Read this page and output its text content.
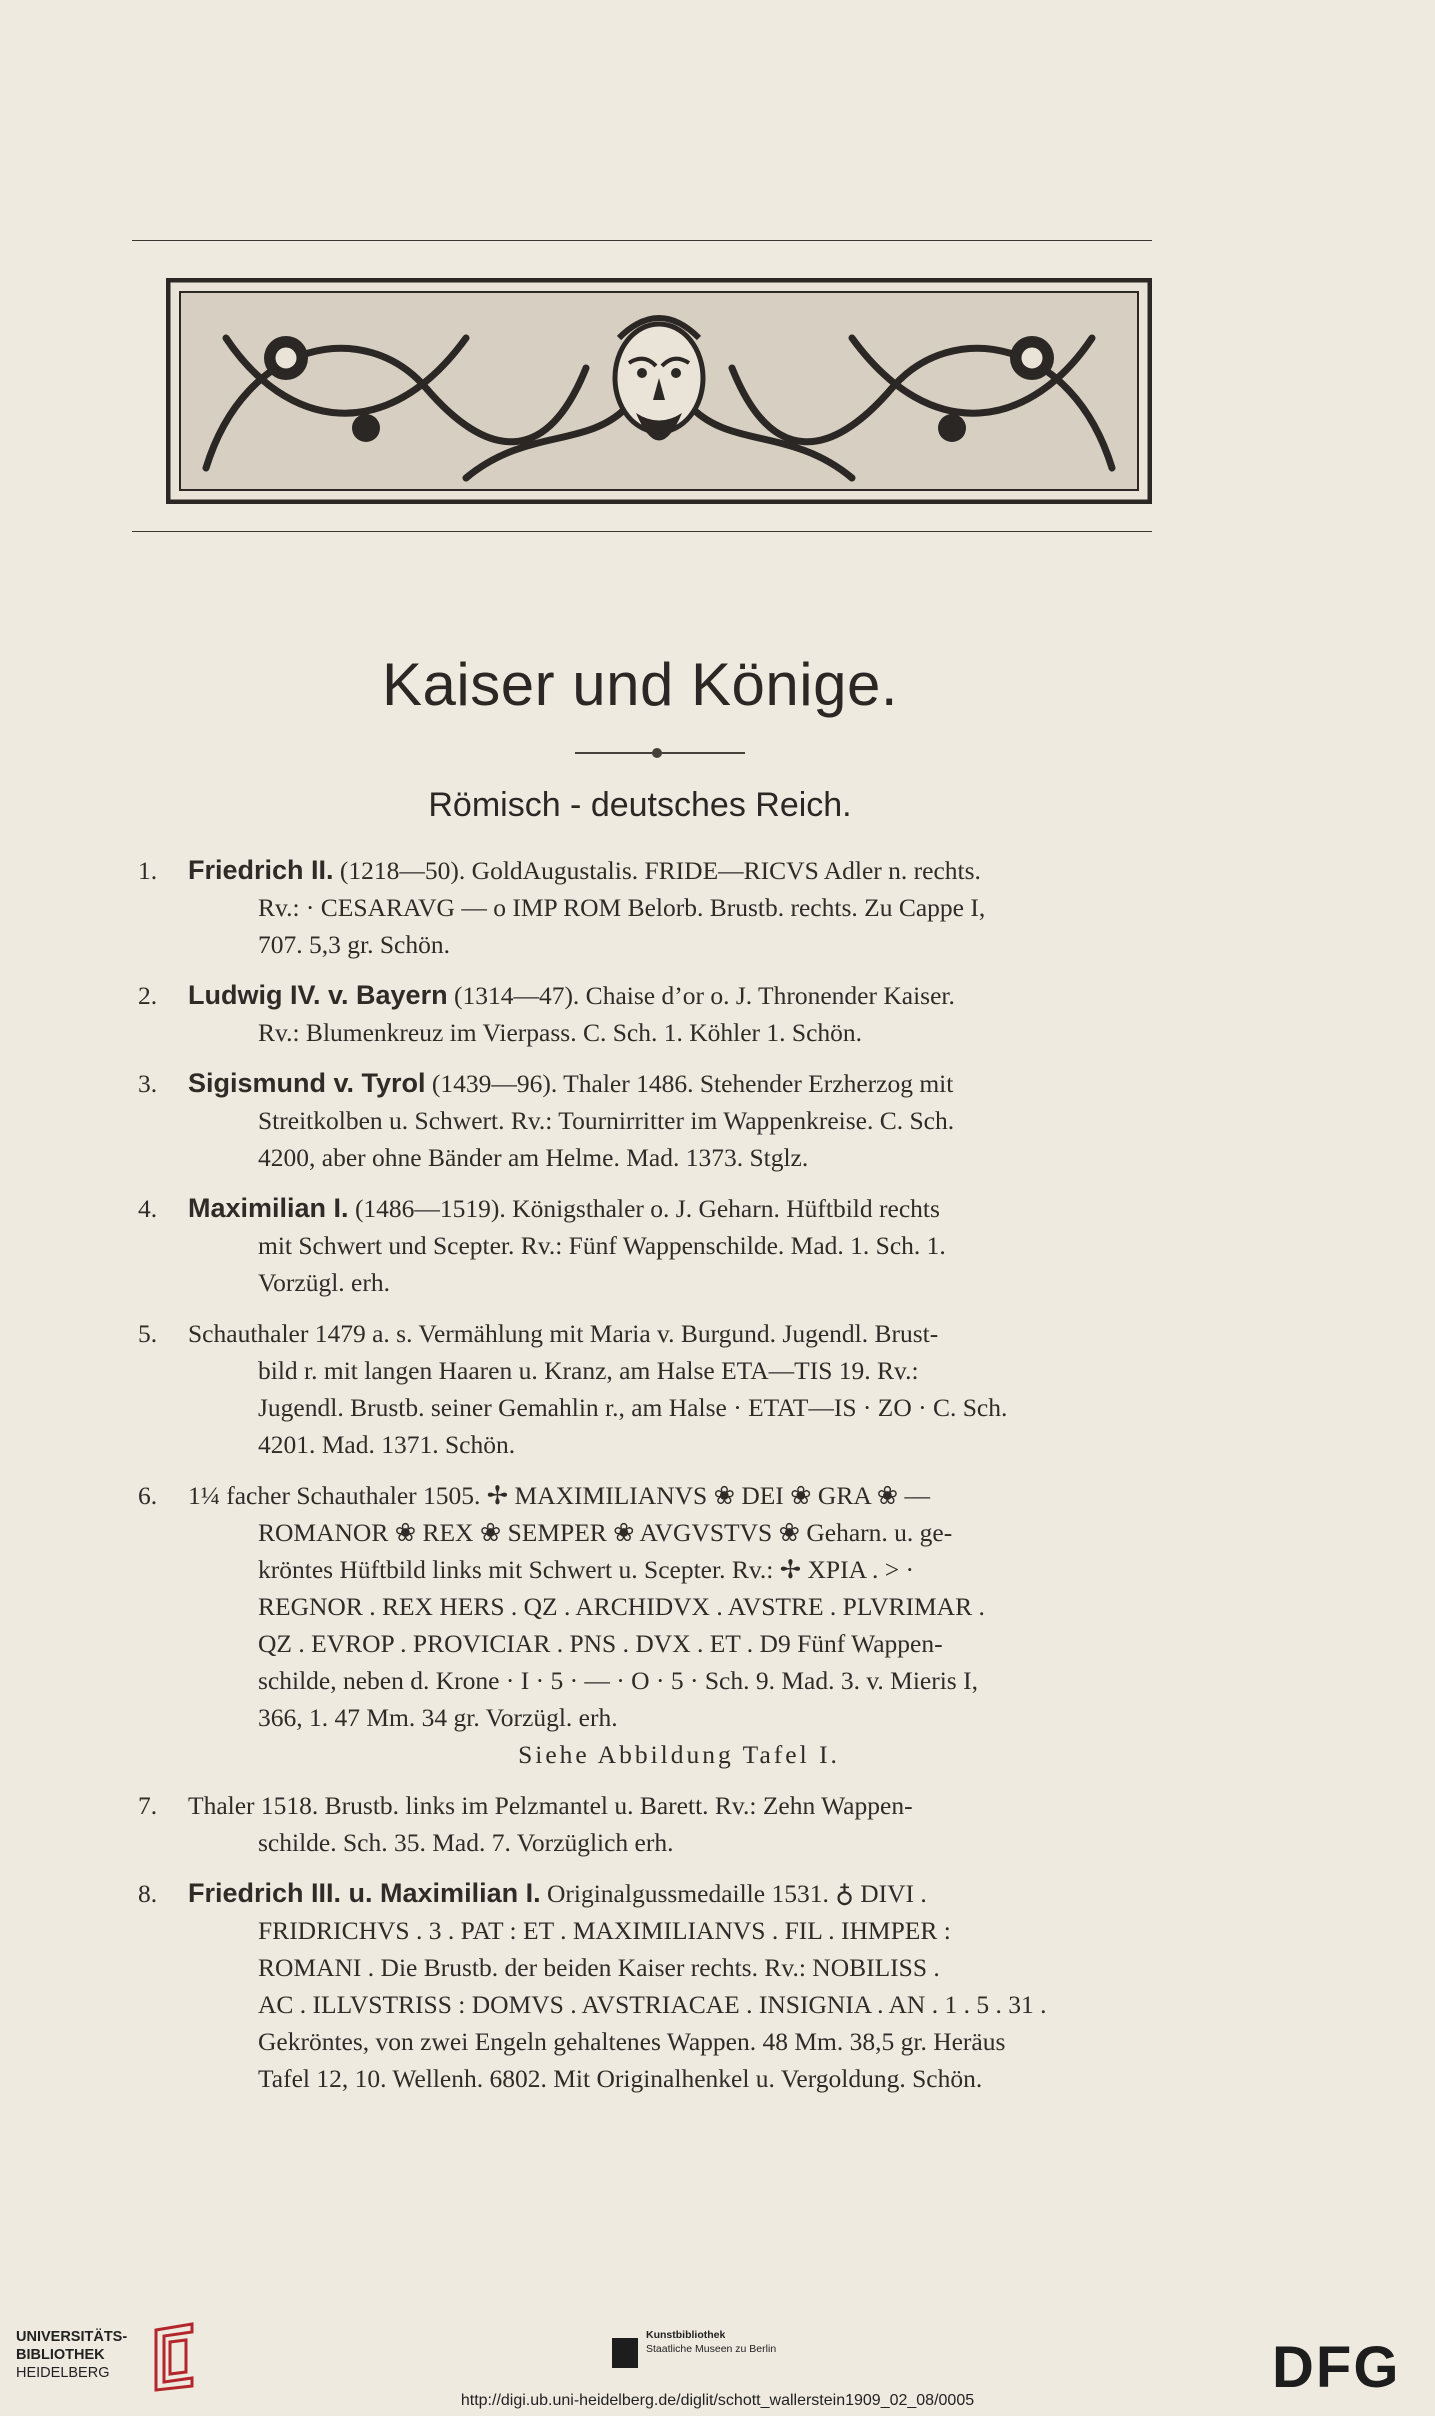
Kaiser und Könige.
Römisch - deutsches Reich.
1.	Friedrich II. (1218—50). GoldAugustalis. FRIDE—RICVS Adler n. rechts.
Rv.: · CESARAVG — o IMP ROM Belorb. Brustb. rechts. Zu Cappe I,
707. 5,3 gr. Schön.
2.	Ludwig IV. v. Bayern (1314—47). Chaise d’or o. J. Thronender Kaiser.
Rv.: Blumenkreuz im Vierpass. C. Sch. 1. Köhler 1. Schön.
3.	Sigismund v. Tyrol (1439—96). Thaler 1486. Stehender Erzherzog mit
Streitkolben u. Schwert. Rv.: Tournirritter im Wappenkreise. C. Sch.
4200, aber ohne Bänder am Helme. Mad. 1373. Stglz.
4.	Maximilian I. (1486—1519). Königsthaler o. J. Geharn. Hüftbild rechts
mit Schwert und Scepter. Rv.: Fünf Wappenschilde. Mad. 1. Sch. 1.
Vorzügl. erh.
5.	Schauthaler 1479 a. s. Vermählung mit Maria v. Burgund. Jugendl. Brust-
bild r. mit langen Haaren u. Kranz, am Halse ETA—TIS 19. Rv.:
Jugendl. Brustb. seiner Gemahlin r., am Halse · ETAT—IS · ZO · C. Sch.
4201. Mad. 1371. Schön.
6.	1¼ facher Schauthaler 1505. ✢ MAXIMILIANVS ❀ DEI ❀ GRA ❀ —
ROMANOR ❀ REX ❀ SEMPER ❀ AVGVSTVS ❀ Geharn. u. ge-
kröntes Hüftbild links mit Schwert u. Scepter. Rv.: ✢ XPIA . > ·
REGNOR . REX HERS . QZ . ARCHIDVX . AVSTRE . PLVRIMAR .
QZ . EVROP . PROVICIAR . PNS . DVX . ET . D9 Fünf Wappen-
schilde, neben d. Krone · I · 5 · — · O · 5 · Sch. 9. Mad. 3. v. Mieris I,
366, 1. 47 Mm. 34 gr. Vorzügl. erh.
Siehe Abbildung Tafel I.
7.	Thaler 1518. Brustb. links im Pelzmantel u. Barett. Rv.: Zehn Wappen-
schilde. Sch. 35. Mad. 7. Vorzüglich erh.
8.	Friedrich III. u. Maximilian I. Originalgussmedaille 1531. ♁ DIVI .
FRIDRICHVS . 3 . PAT : ET . MAXIMILIANVS . FIL . IHMPER :
ROMANI . Die Brustb. der beiden Kaiser rechts. Rv.: NOBILISS .
AC . ILLVSTRISS : DOMVS . AVSTRIACAE . INSIGNIA . AN . 1 . 5 . 31 .
Gekröntes, von zwei Engeln gehaltenes Wappen. 48 Mm. 38,5 gr. Heräus
Tafel 12, 10. Wellenh. 6802. Mit Originalhenkel u. Vergoldung. Schön.
UNIVERSITÄTS-
BIBLIOTHEK
HEIDELBERG
Kunstbibliothek
Staatliche Museen zu Berlin	DFG
http://digi.ub.uni-heidelberg.de/diglit/schott_wallerstein1909_02_08/0005
